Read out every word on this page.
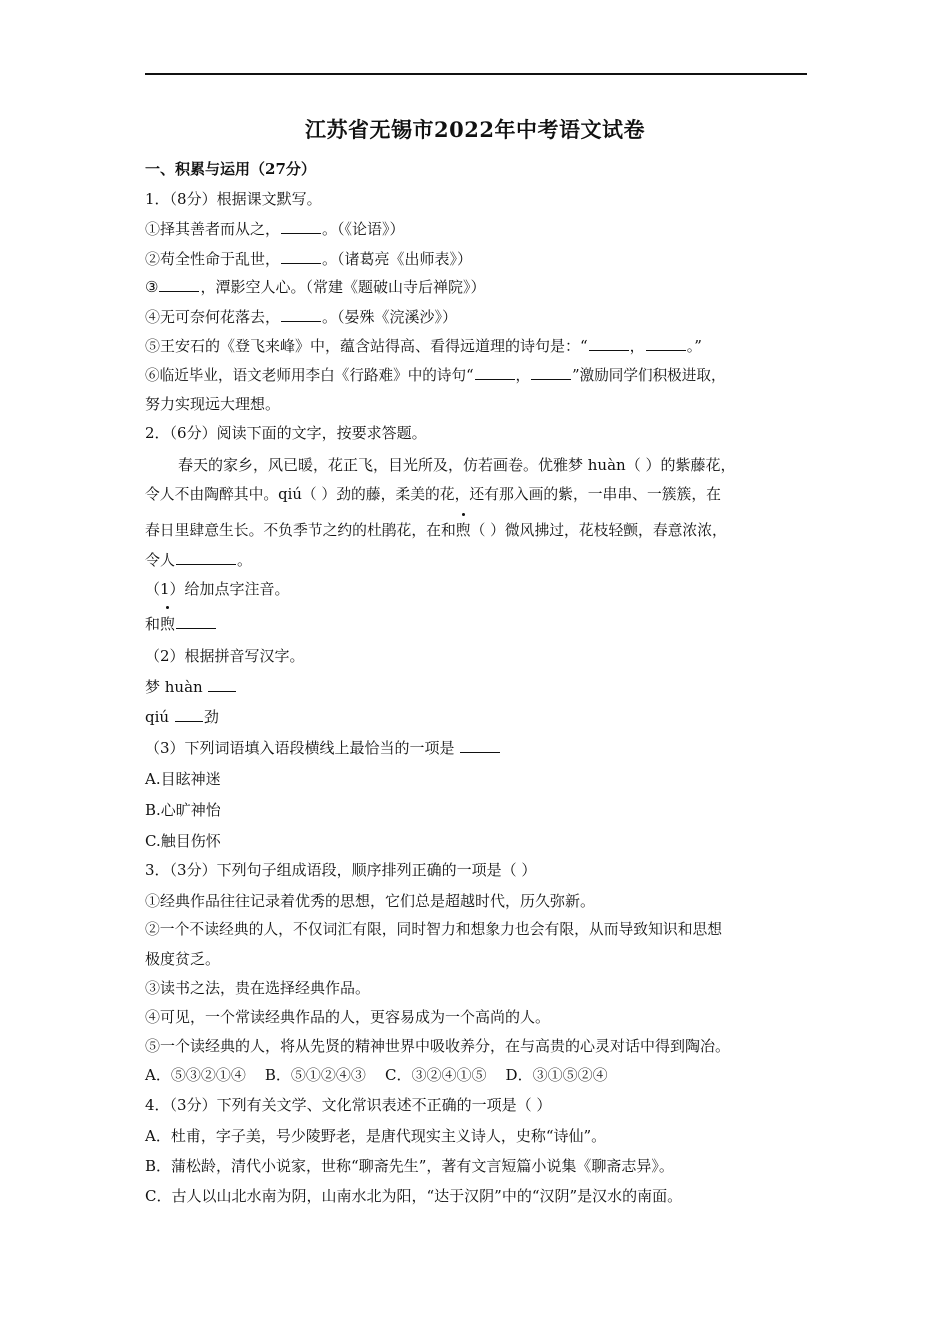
江苏省无锡市2022年中考语文试卷
一、积累与运用（27分）
1．（8分）根据课文默写。
①择其善者而从之，	。（《论语》）
②苟全性命于乱世，	。（诸葛亮《出师表》）
③	，潭影空人心。（常建《题破山寺后禅院》）
④无可奈何花落去，	。（晏殊《浣溪沙》）
⑤王安石的《登飞来峰》中，蕴含站得高、看得远道理的诗句是：“	，	。”
⑥临近毕业，语文老师用李白《行路难》中的诗句“	，	”激励同学们积极进取，
努力实现远大理想。
2．（6分）阅读下面的文字，按要求答题。
春天的家乡，风已暖，花正飞，目光所及，仿若画卷。优雅梦 huàn（ ）的紫藤花，
令人不由陶醉其中。qiú（ ）劲的藤，柔美的花，还有那入画的紫，一串串、一簇簇，在
春日里肆意生长。不负季节之约的杜鹃花，在和煦（ ）微风拂过，花枝轻颤，春意浓浓，
令人	。
（1）给加点字注音。
和煦
（2）根据拼音写汉字。
梦 huàn
qiú 劲
（3）下列词语填入语段横线上最恰当的一项是
A.目眩神迷
B.心旷神怡
C.触目伤怀
3．（3分）下列句子组成语段，顺序排列正确的一项是（ ）
①经典作品往往记录着优秀的思想，它们总是超越时代，历久弥新。
②一个不读经典的人，不仅词汇有限，同时智力和想象力也会有限，从而导致知识和思想
极度贫乏。
③读书之法，贵在选择经典作品。
④可见，一个常读经典作品的人，更容易成为一个高尚的人。
⑤一个读经典的人，将从先贤的精神世界中吸收养分，在与高贵的心灵对话中得到陶冶。
A．⑤③②①④    B．⑤①②④③    C．③②④①⑤    D．③①⑤②④
4．（3分）下列有关文学、文化常识表述不正确的一项是（ ）
A．杜甫，字子美，号少陵野老，是唐代现实主义诗人，史称“诗仙”。
B．蒲松龄，清代小说家，世称“聊斋先生”，著有文言短篇小说集《聊斋志异》。
C．古人以山北水南为阴，山南水北为阳，“达于汉阴”中的“汉阴”是汉水的南面。
